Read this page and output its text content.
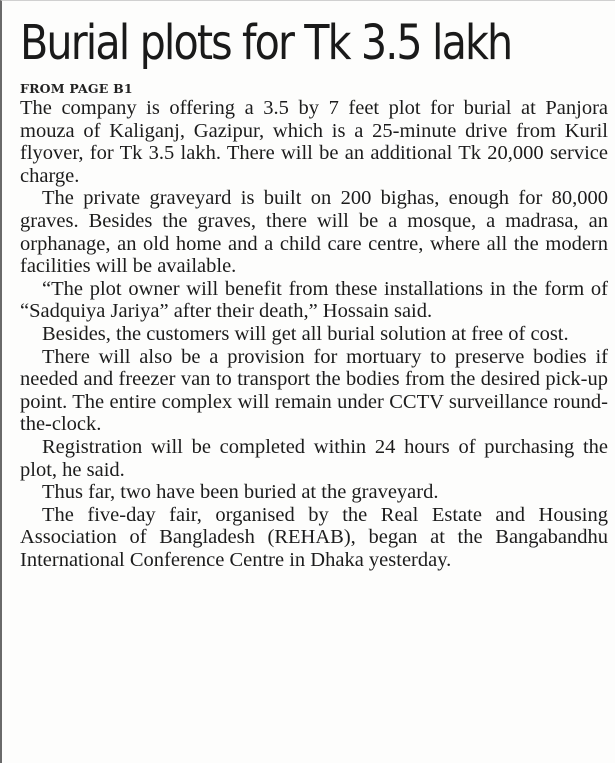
Burial plots for Tk 3.5 lakh
FROM PAGE B1

The company is offering a 3.5 by 7 feet plot for burial at Panjora mouza of Kaliganj, Gazipur, which is a 25-minute drive from Kuril flyover, for Tk 3.5 lakh. There will be an additional Tk 20,000 service charge.

The private graveyard is built on 200 bighas, enough for 80,000 graves. Besides the graves, there will be a mosque, a madrasa, an orphanage, an old home and a child care centre, where all the modern facilities will be available.

“The plot owner will benefit from these installations in the form of “Sadquiya Jariya” after their death,” Hossain said.

Besides, the customers will get all burial solution at free of cost.

There will also be a provision for mortuary to preserve bodies if needed and freezer van to transport the bodies from the desired pick-up point. The entire complex will remain under CCTV surveillance round-the-clock.

Registration will be completed within 24 hours of purchasing the plot, he said.

Thus far, two have been buried at the graveyard.

The five-day fair, organised by the Real Estate and Housing Association of Bangladesh (REHAB), began at the Bangabandhu International Conference Centre in Dhaka yesterday.
